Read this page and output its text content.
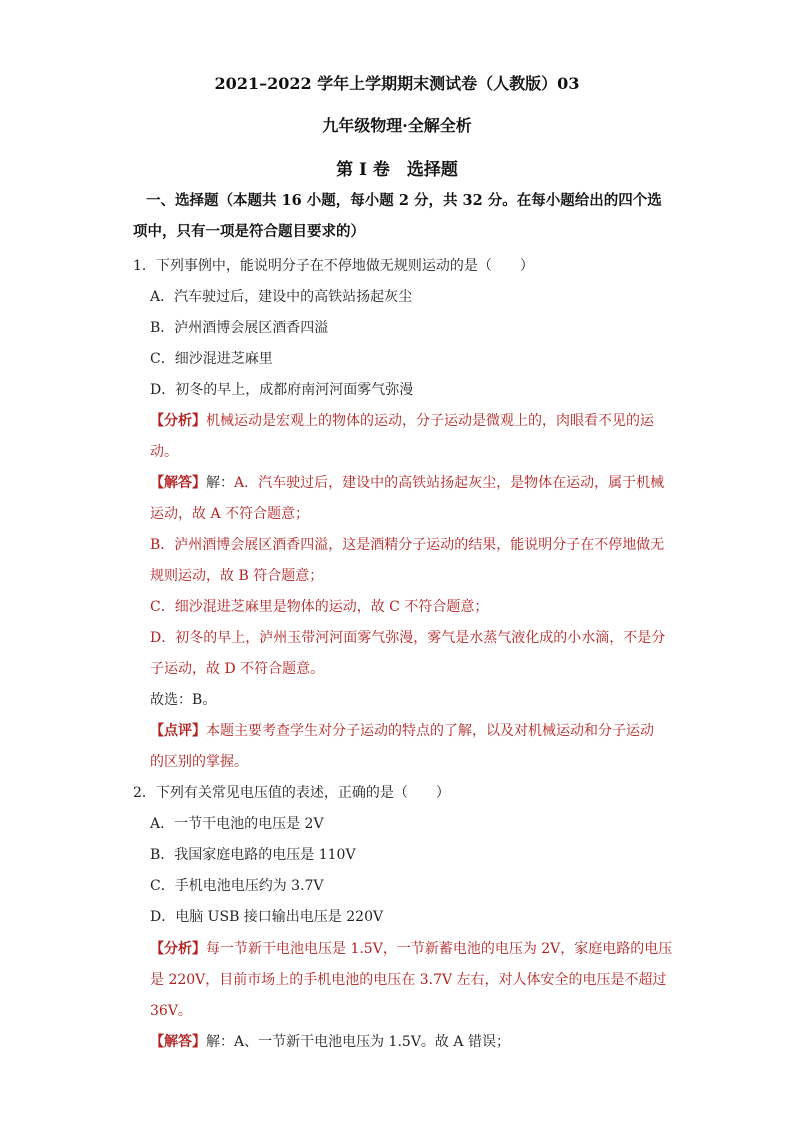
2021–2022 学年上学期期末测试卷（人教版）03
九年级物理·全解全析
第 I 卷　选择题
一、选择题（本题共 16 小题，每小题 2 分，共 32 分。在每小题给出的四个选项中，只有一项是符合题目要求的）
1．下列事例中，能说明分子在不停地做无规则运动的是（　　）
A．汽车驶过后，建设中的高铁站扬起灰尘
B．泸州酒博会展区酒香四溢
C．细沙混进芝麻里
D．初冬的早上，成都府南河河面雾气弥漫
【分析】机械运动是宏观上的物体的运动，分子运动是微观上的，肉眼看不见的运
动。
【解答】解：A．汽车驶过后，建设中的高铁站扬起灰尘，是物体在运动，属于机械
运动，故 A 不符合题意；
B．泸州酒博会展区酒香四溢，这是酒精分子运动的结果，能说明分子在不停地做无
规则运动，故 B 符合题意；
C．细沙混进芝麻里是物体的运动，故 C 不符合题意；
D．初冬的早上，泸州玉带河河面雾气弥漫，雾气是水蒸气液化成的小水滴，不是分
子运动，故 D 不符合题意。
故选：B。
【点评】本题主要考查学生对分子运动的特点的了解，以及对机械运动和分子运动
的区别的掌握。
2．下列有关常见电压值的表述，正确的是（　　）
A．一节干电池的电压是 2V
B．我国家庭电路的电压是 110V
C．手机电池电压约为 3.7V
D．电脑 USB 接口输出电压是 220V
【分析】每一节新干电池电压是 1.5V，一节新蓄电池的电压为 2V，家庭电路的电压
是 220V，目前市场上的手机电池的电压在 3.7V 左右，对人体安全的电压是不超过
36V。
【解答】解：A、一节新干电池电压为 1.5V。故 A 错误；
